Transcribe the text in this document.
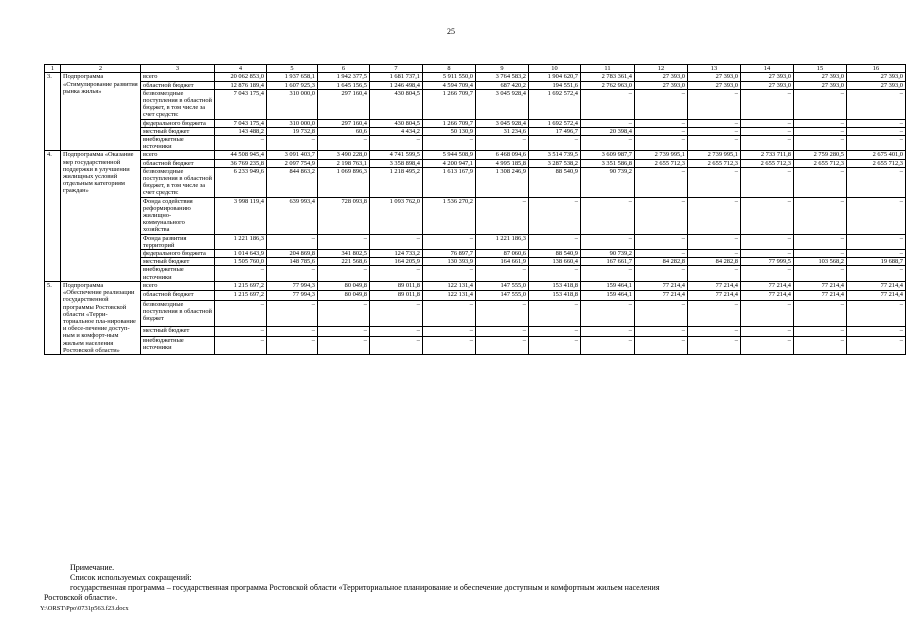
25
1	2	3	4	5	6	7	8	9	10	11	12	13	14	15	16
3.	Подпрограмма «Стимулирование развития рынка жилья»	всего	20 062 853,0	1 937 658,1	1 942 377,5	1 681 737,1	5 911 550,0	3 764 583,2	1 904 620,7	2 783 361,4	27 393,0	27 393,0	27 393,0	27 393,0	27 393,0
		областной бюджет	12 876 189,4	1 607 925,3	1 645 156,5	1 246 498,4	4 594 709,4	687 420,2	194 551,6	2 762 963,0	27 393,0	27 393,0	27 393,0	27 393,0	27 393,0
		безвозмездные поступления в областной бюджет, в том числе за счет средств:	7 043 175,4	310 000,0	297 160,4	430 804,5	1 266 709,7	3 045 928,4	1 692 572,4	–	–	–	–	–	–
		федерального бюджета	7 043 175,4	310 000,0	297 160,4	430 804,5	1 266 709,7	3 045 928,4	1 692 572,4	–	–	–	–	–	–
		местный бюджет	143 488,2	19 732,8	60,6	4 434,2	50 130,9	31 234,6	17 496,7	20 398,4	–	–	–	–	–
		внебюджетные источники	–	–	–	–	–	–	–	–	–	–	–	–	–
4.	Подпрограмма «Оказание мер государственной поддержки в улучшении жилищных условий отдельным категориям граждан»	всего	44 508 945,4	3 091 403,7	3 490 228,0	4 741 599,5	5 944 508,9	6 468 094,6	3 514 739,5	3 609 987,7	2 739 995,1	2 739 995,1	2 733 711,8	2 759 280,5	2 675 401,0
		областной бюджет	36 769 235,8	2 097 754,9	2 198 763,1	3 358 898,4	4 200 947,1	4 995 185,8	3 287 538,2	3 351 586,8	2 655 712,3	2 655 712,3	2 655 712,3	2 655 712,3	2 655 712,3
		безвозмездные поступления в областной бюджет, в том числе за счет средств:	6 233 949,6	844 863,2	1 069 896,3	1 218 495,2	1 613 167,9	1 308 246,9	88 540,9	90 739,2	–	–	–	–	–
		Фонда содействия реформированию жилищно-коммунального хозяйства	3 998 119,4	639 993,4	728 093,8	1 093 762,0	1 536 270,2	–	–	–	–	–	–	–	–
		Фонда развития территорий	1 221 186,3	–	–	–	–	1 221 186,3	–	–	–	–	–	–	–
		федерального бюджета	1 014 643,9	204 869,8	341 802,5	124 733,2	76 897,7	87 060,6	88 540,9	90 739,2	–	–	–	–	–
		местный бюджет	1 505 760,0	148 785,6	221 568,6	164 205,9	130 393,9	164 661,9	138 660,4	167 661,7	84 282,8	84 282,8	77 999,5	103 568,2	19 688,7
		внебюджетные источники	–	–	–	–	–	–	–	–	–	–	–	–	–
5.	Подпрограмма «Обеспечение реализации государственной программы Ростовской области «Терри-ториальное пла-нирование и обесе-печение доступ-ным и комфорт-ным жильем населения Ростовской области»	всего	1 215 697,2	77 994,3	80 049,8	89 011,8	122 131,4	147 555,0	153 418,8	159 464,1	77 214,4	77 214,4	77 214,4	77 214,4	77 214,4
		областной бюджет	1 215 697,2	77 994,3	80 049,8	89 011,8	122 131,4	147 555,0	153 418,8	159 464,1	77 214,4	77 214,4	77 214,4	77 214,4	77 214,4
		безвозмездные поступления в областной бюджет	–	–	–	–	–	–	–	–	–	–	–	–	–
		местный бюджет	–	–	–	–	–	–	–	–	–	–	–	–	–
		внебюджетные источники	–	–	–	–	–	–	–	–	–	–	–	–	–
Примечание.
Список используемых сокращений:
государственная программа – государственная программа Ростовской области «Территориальное планирование и обеспечение доступным и комфортным жильем населения
Ростовской области».
Y:\ORST\Ppo\0731p563.f23.docx
